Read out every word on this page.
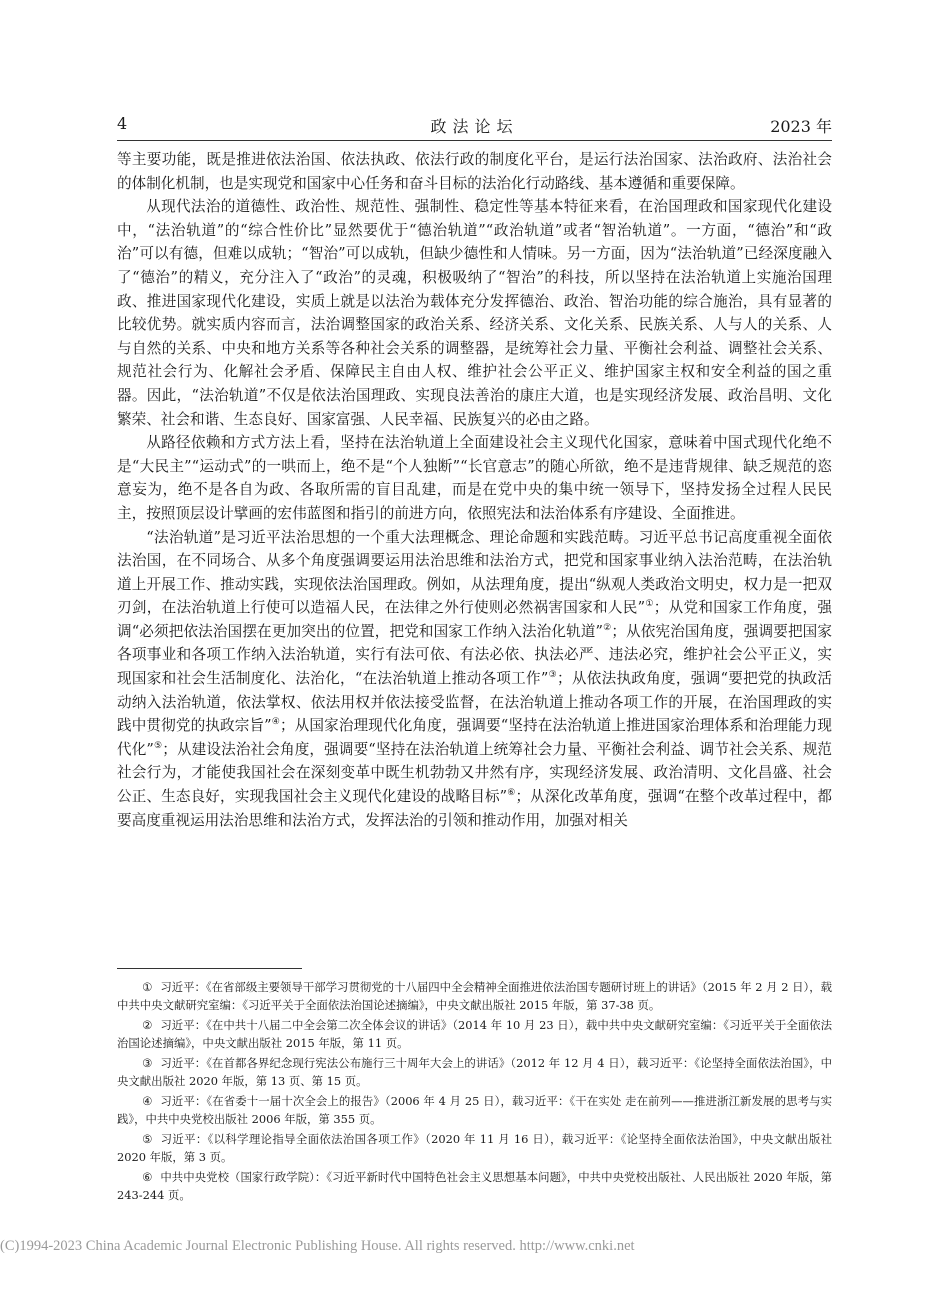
4	政法论坛	2023 年

等主要功能，既是推进依法治国、依法执政、依法行政的制度化平台，是运行法治国家、法治政府、法治社会的体制化机制，也是实现党和国家中心任务和奋斗目标的法治化行动路线、基本遵循和重要保障。

从现代法治的道德性、政治性、规范性、强制性、稳定性等基本特征来看，在治国理政和国家现代化建设中，“法治轨道”的“综合性价比”显然要优于“德治轨道”“政治轨道”或者“智治轨道”。一方面，“德治”和“政治”可以有德，但难以成轨；“智治”可以成轨，但缺少德性和人情味。另一方面，因为“法治轨道”已经深度融入了“德治”的精义，充分注入了“政治”的灵魂，积极吸纳了“智治”的科技，所以坚持在法治轨道上实施治国理政、推进国家现代化建设，实质上就是以法治为载体充分发挥德治、政治、智治功能的综合施治，具有显著的比较优势。就实质内容而言，法治调整国家的政治关系、经济关系、文化关系、民族关系、人与人的关系、人与自然的关系、中央和地方关系等各种社会关系的调整器，是统筹社会力量、平衡社会利益、调整社会关系、规范社会行为、化解社会矛盾、保障民主自由人权、维护社会公平正义、维护国家主权和安全利益的国之重器。因此，“法治轨道”不仅是依法治国理政、实现良法善治的康庄大道，也是实现经济发展、政治昌明、文化繁荣、社会和谐、生态良好、国家富强、人民幸福、民族复兴的必由之路。

从路径依赖和方式方法上看，坚持在法治轨道上全面建设社会主义现代化国家，意味着中国式现代化绝不是“大民主”“运动式”的一哄而上，绝不是“个人独断”“长官意志”的随心所欲，绝不是违背规律、缺乏规范的恣意妄为，绝不是各自为政、各取所需的盲目乱建，而是在党中央的集中统一领导下，坚持发扬全过程人民民主，按照顶层设计擘画的宏伟蓝图和指引的前进方向，依照宪法和法治体系有序建设、全面推进。

“法治轨道”是习近平法治思想的一个重大法理概念、理论命题和实践范畴。习近平总书记高度重视全面依法治国，在不同场合、从多个角度强调要运用法治思维和法治方式，把党和国家事业纳入法治范畴，在法治轨道上开展工作、推动实践，实现依法治国理政。例如，从法理角度，提出“纵观人类政治文明史，权力是一把双刃剑，在法治轨道上行使可以造福人民，在法律之外行使则必然祸害国家和人民”①；从党和国家工作角度，强调“必须把依法治国摆在更加突出的位置，把党和国家工作纳入法治化轨道”②；从依宪治国角度，强调要把国家各项事业和各项工作纳入法治轨道，实行有法可依、有法必依、执法必严、违法必究，维护社会公平正义，实现国家和社会生活制度化、法治化，“在法治轨道上推动各项工作”③；从依法执政角度，强调“要把党的执政活动纳入法治轨道，依法掌权、依法用权并依法接受监督，在法治轨道上推动各项工作的开展，在治国理政的实践中贯彻党的执政宗旨”④；从国家治理现代化角度，强调要“坚持在法治轨道上推进国家治理体系和治理能力现代化”⑤；从建设法治社会角度，强调要“坚持在法治轨道上统筹社会力量、平衡社会利益、调节社会关系、规范社会行为，才能使我国社会在深刻变革中既生机勃勃又井然有序，实现经济发展、政治清明、文化昌盛、社会公正、生态良好，实现我国社会主义现代化建设的战略目标”⑥；从深化改革角度，强调“在整个改革过程中，都要高度重视运用法治思维和法治方式，发挥法治的引领和推动作用，加强对相关

① 习近平：《在省部级主要领导干部学习贯彻党的十八届四中全会精神全面推进依法治国专题研讨班上的讲话》（2015 年 2 月 2 日），载中共中央文献研究室编：《习近平关于全面依法治国论述摘编》，中央文献出版社 2015 年版，第 37-38 页。

② 习近平：《在中共十八届二中全会第二次全体会议的讲话》（2014 年 10 月 23 日），载中共中央文献研究室编：《习近平关于全面依法治国论述摘编》，中央文献出版社 2015 年版，第 11 页。

③ 习近平：《在首都各界纪念现行宪法公布施行三十周年大会上的讲话》（2012 年 12 月 4 日），载习近平：《论坚持全面依法治国》，中央文献出版社 2020 年版，第 13 页、第 15 页。

④ 习近平：《在省委十一届十次全会上的报告》（2006 年 4 月 25 日），载习近平：《干在实处 走在前列——推进浙江新发展的思考与实践》，中共中央党校出版社 2006 年版，第 355 页。

⑤ 习近平：《以科学理论指导全面依法治国各项工作》（2020 年 11 月 16 日），载习近平：《论坚持全面依法治国》，中央文献出版社 2020 年版，第 3 页。

⑥ 中共中央党校（国家行政学院）：《习近平新时代中国特色社会主义思想基本问题》，中共中央党校出版社、人民出版社 2020 年版，第 243-244 页。

(C)1994-2023 China Academic Journal Electronic Publishing House. All rights reserved. http://www.cnki.net
